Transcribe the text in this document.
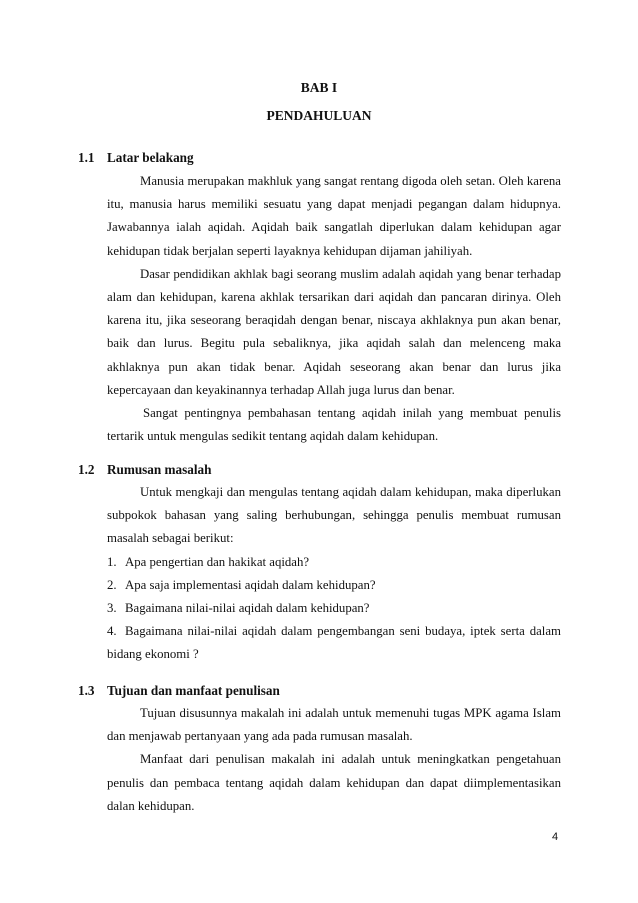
BAB I
PENDAHULUAN
1.1 Latar belakang

Manusia merupakan makhluk yang sangat rentang digoda oleh setan. Oleh karena itu, manusia harus memiliki sesuatu yang dapat menjadi pegangan dalam hidupnya. Jawabannya ialah aqidah. Aqidah baik sangatlah diperlukan dalam kehidupan agar kehidupan tidak berjalan seperti layaknya kehidupan dijaman jahiliyah.

Dasar pendidikan akhlak bagi seorang muslim adalah aqidah yang benar terhadap alam dan kehidupan, karena akhlak tersarikan dari aqidah dan pancaran dirinya. Oleh karena itu, jika seseorang beraqidah dengan benar, niscaya akhlaknya pun akan benar, baik dan lurus. Begitu pula sebaliknya, jika aqidah salah dan melenceng maka akhlaknya pun akan tidak benar. Aqidah seseorang akan benar dan lurus jika kepercayaan dan keyakinannya terhadap Allah juga lurus dan benar.

Sangat pentingnya pembahasan tentang aqidah inilah yang membuat penulis tertarik untuk mengulas sedikit tentang aqidah dalam kehidupan.

1.2 Rumusan masalah

Untuk mengkaji dan mengulas tentang aqidah dalam kehidupan, maka diperlukan subpokok bahasan yang saling berhubungan, sehingga penulis membuat rumusan masalah sebagai berikut:

1. Apa pengertian dan hakikat aqidah?
2. Apa saja implementasi aqidah dalam kehidupan?
3. Bagaimana nilai-nilai aqidah dalam kehidupan?
4. Bagaimana nilai-nilai aqidah dalam pengembangan seni budaya, iptek serta dalam bidang ekonomi ?
1.3 Tujuan dan manfaat penulisan

Tujuan disusunnya makalah ini adalah untuk memenuhi tugas MPK agama Islam dan menjawab pertanyaan yang ada pada rumusan masalah.

Manfaat dari penulisan makalah ini adalah untuk meningkatkan pengetahuan penulis dan pembaca tentang aqidah dalam kehidupan dan dapat diimplementasikan dalan kehidupan.

4
